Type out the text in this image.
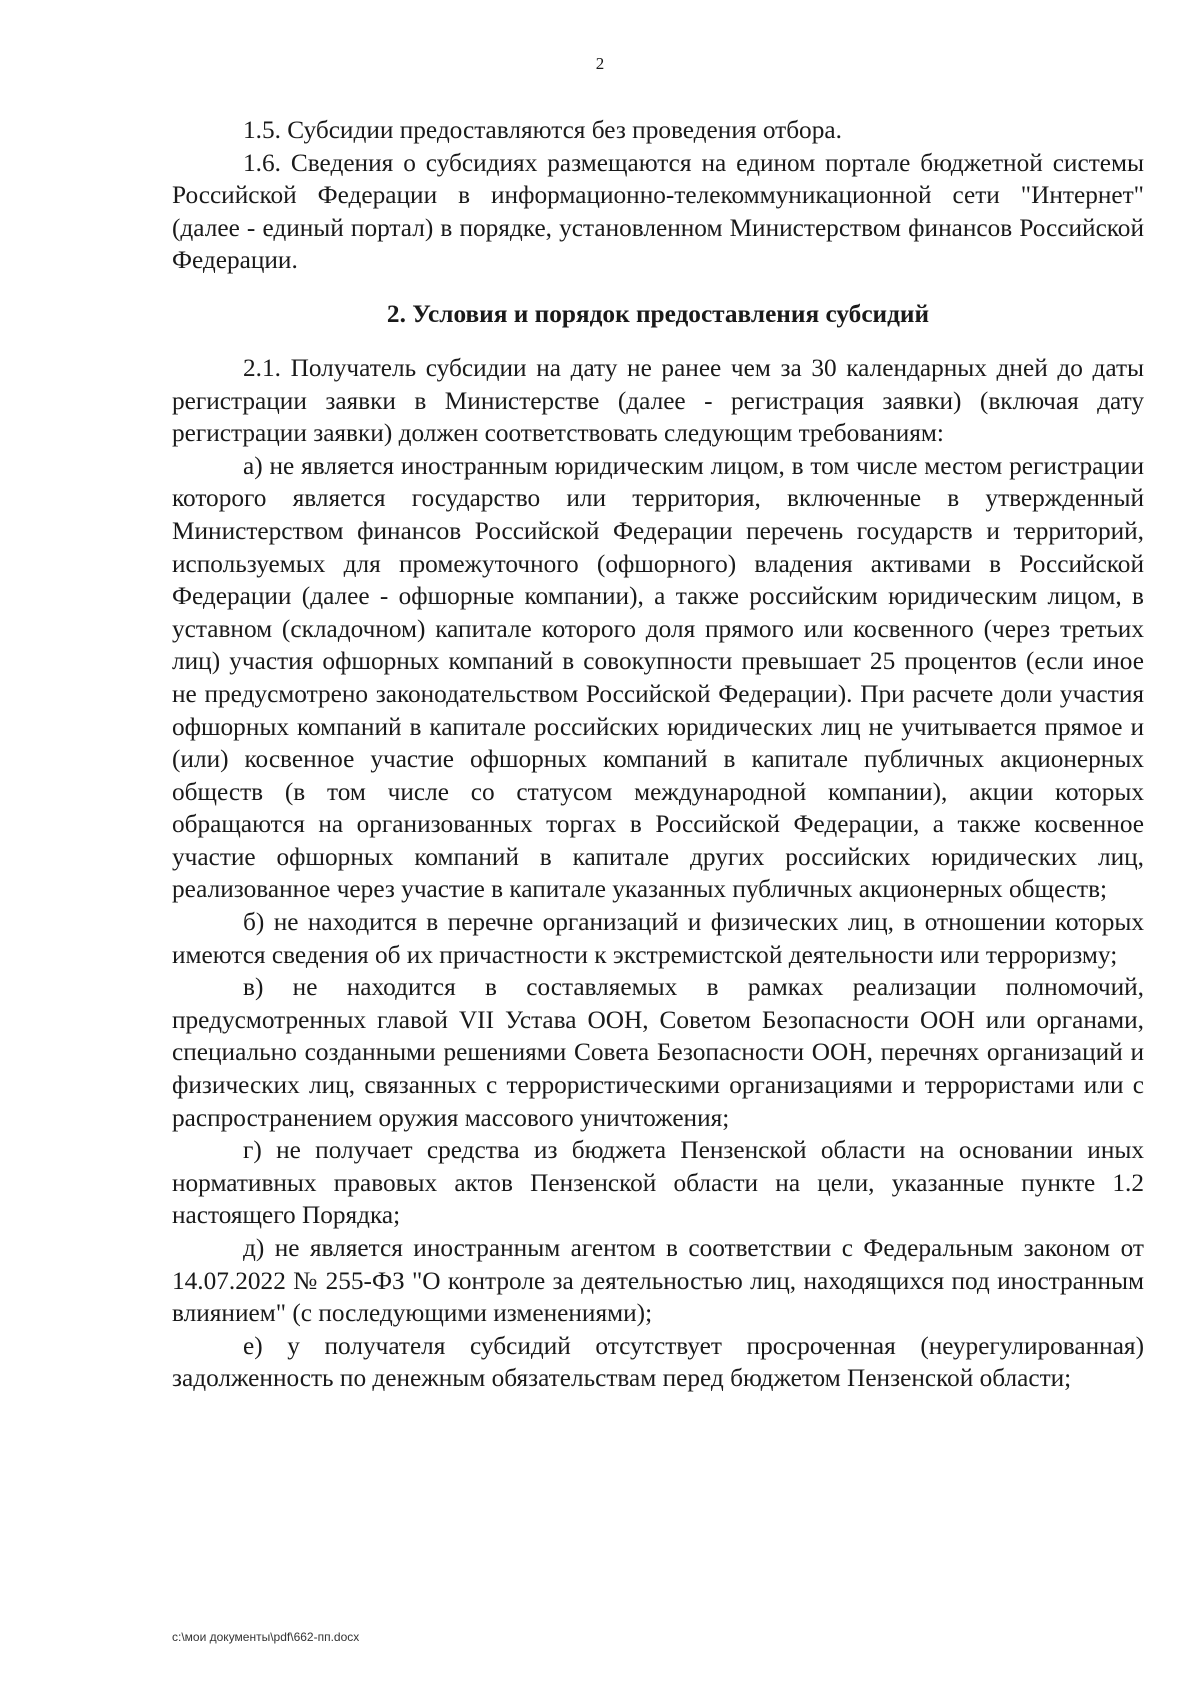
2

1.5. Субсидии предоставляются без проведения отбора.

1.6. Сведения о субсидиях размещаются на едином портале бюджетной системы Российской Федерации в информационно-телекоммуникационной сети "Интернет" (далее - единый портал) в порядке, установленном Министерством финансов Российской Федерации.

2. Условия и порядок предоставления субсидий

2.1. Получатель субсидии на дату не ранее чем за 30 календарных дней до даты регистрации заявки в Министерстве (далее - регистрация заявки) (включая дату регистрации заявки) должен соответствовать следующим требованиям:

а) не является иностранным юридическим лицом, в том числе местом регистрации которого является государство или территория, включенные в утвержденный Министерством финансов Российской Федерации перечень государств и территорий, используемых для промежуточного (офшорного) владения активами в Российской Федерации (далее - офшорные компании), а также российским юридическим лицом, в уставном (складочном) капитале которого доля прямого или косвенного (через третьих лиц) участия офшорных компаний в совокупности превышает 25 процентов (если иное не предусмотрено законодательством Российской Федерации). При расчете доли участия офшорных компаний в капитале российских юридических лиц не учитывается прямое и (или) косвенное участие офшорных компаний в капитале публичных акционерных обществ (в том числе со статусом международной компании), акции которых обращаются на организованных торгах в Российской Федерации, а также косвенное участие офшорных компаний в капитале других российских юридических лиц, реализованное через участие в капитале указанных публичных акционерных обществ;

б) не находится в перечне организаций и физических лиц, в отношении которых имеются сведения об их причастности к экстремистской деятельности или терроризму;

в) не находится в составляемых в рамках реализации полномочий, предусмотренных главой VII Устава ООН, Советом Безопасности ООН или органами, специально созданными решениями Совета Безопасности ООН, перечнях организаций и физических лиц, связанных с террористическими организациями и террористами или с распространением оружия массового уничтожения;

г) не получает средства из бюджета Пензенской области на основании иных нормативных правовых актов Пензенской области на цели, указанные пункте 1.2 настоящего Порядка;

д) не является иностранным агентом в соответствии с Федеральным законом от 14.07.2022 № 255-ФЗ "О контроле за деятельностью лиц, находящихся под иностранным влиянием" (с последующими изменениями);

е) у получателя субсидий отсутствует просроченная (неурегулированная) задолженность по денежным обязательствам перед бюджетом Пензенской области;

c:\мои документы\pdf\662-пп.docx
